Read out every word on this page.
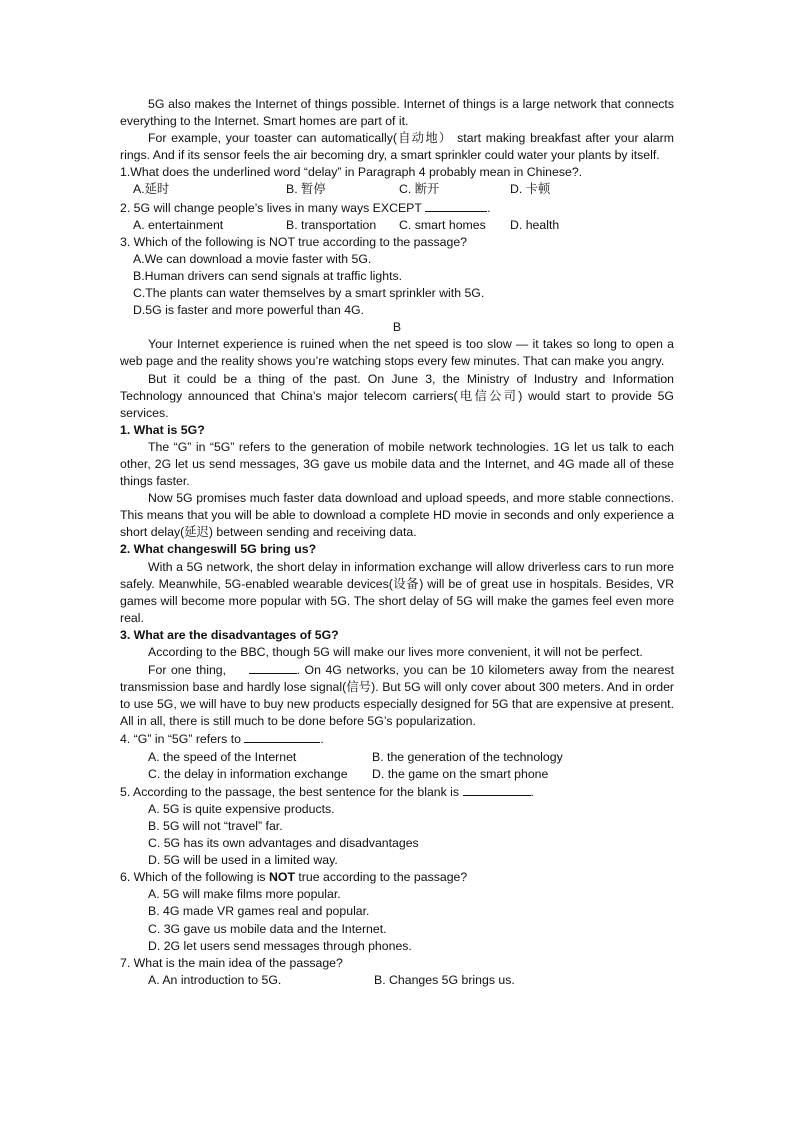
5G also makes the Internet of things possible. Internet of things is a large network that connects everything to the Internet. Smart homes are part of it.

For example, your toaster can automatically(自动地） start making breakfast after your alarm rings. And if its sensor feels the air becoming dry, a smart sprinkler could water your plants by itself.

1.What does the underlined word “delay” in Paragraph 4 probably mean in Chinese?.

A.延时	B. 暂停	C. 断开	D. 卡顿

2. 5G will change people’s lives in many ways EXCEPT	.

A. entertainment	B. transportation	C. smart homes	D. health

3. Which of the following is NOT true according to the passage?

A.We can download a movie faster with 5G.

B.Human drivers can send signals at traffic lights.

C.The plants can water themselves by a smart sprinkler with 5G.

D.5G is faster and more powerful than 4G.

B

Your Internet experience is ruined when the net speed is too slow — it takes so long to open a web page and the reality shows you’re watching stops every few minutes. That can make you angry.

But it could be a thing of the past. On June 3, the Ministry of Industry and Information Technology announced that China’s major telecom carriers(电信公司) would start to provide 5G services.

1. What is 5G?

The “G” in “5G” refers to the generation of mobile network technologies. 1G let us talk to each other, 2G let us send messages, 3G gave us mobile data and the Internet, and 4G made all of these things faster.

Now 5G promises much faster data download and upload speeds, and more stable connections. This means that you will be able to download a complete HD movie in seconds and only experience a short delay(延迟) between sending and receiving data.

2. What changeswill 5G bring us?

With a 5G network, the short delay in information exchange will allow driverless cars to run more safely. Meanwhile, 5G-enabled wearable devices(设备) will be of great use in hospitals. Besides, VR games will become more popular with 5G. The short delay of 5G will make the games feel even more real.

3. What are the disadvantages of 5G?

According to the BBC, though 5G will make our lives more convenient, it will not be perfect.

For one thing,	. On 4G networks, you can be 10 kilometers away from the nearest transmission base and hardly lose signal(信号). But 5G will only cover about 300 meters. And in order to use 5G, we will have to buy new products especially designed for 5G that are expensive at present. All in all, there is still much to be done before 5G’s popularization.

4. “G” in “5G” refers to	.

A. the speed of the Internet	B. the generation of the technology
C. the delay in information exchange	D. the game on the smart phone

5. According to the passage, the best sentence for the blank is	.

A. 5G is quite expensive products.

B. 5G will not “travel” far.

C. 5G has its own advantages and disadvantages

D. 5G will be used in a limited way.

6. Which of the following is NOT true according to the passage?

A. 5G will make films more popular.

B. 4G made VR games real and popular.

C. 3G gave us mobile data and the Internet.

D. 2G let users send messages through phones.

7. What is the main idea of the passage?

A. An introduction to 5G.	B. Changes 5G brings us.
